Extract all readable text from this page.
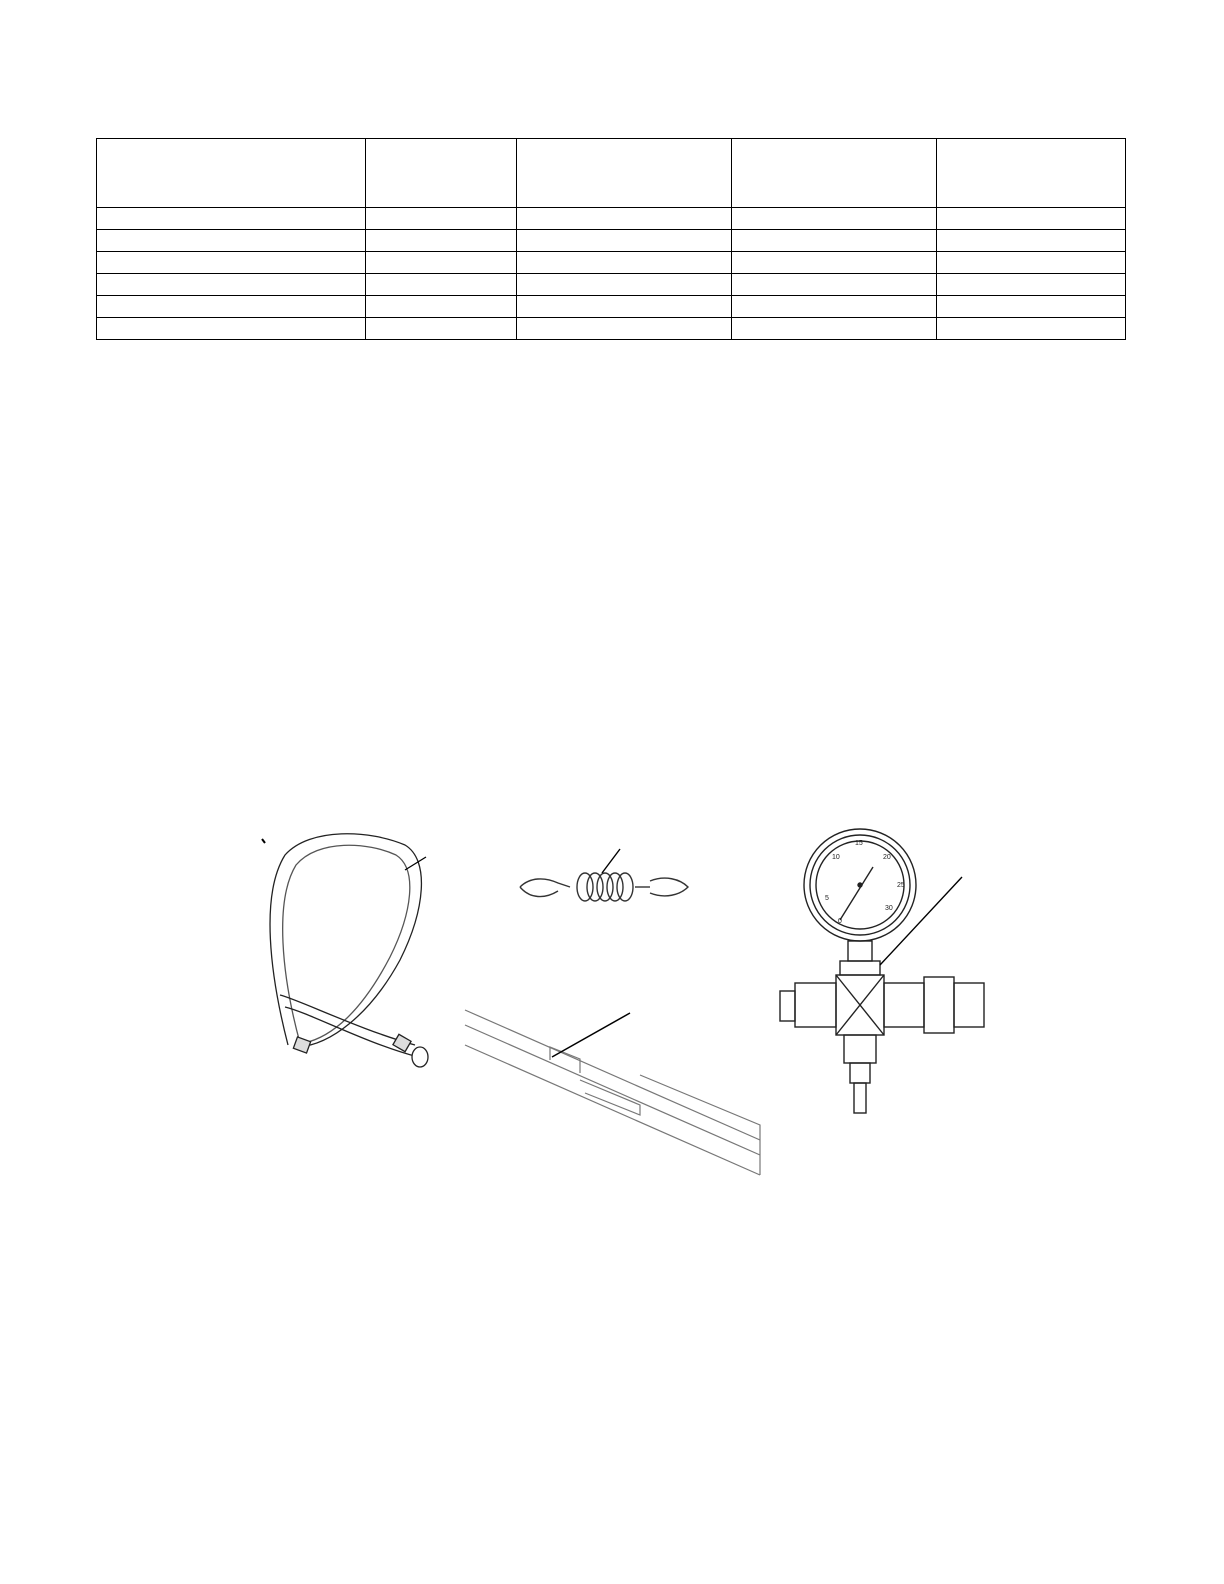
0
5
10
15
20
25
30
